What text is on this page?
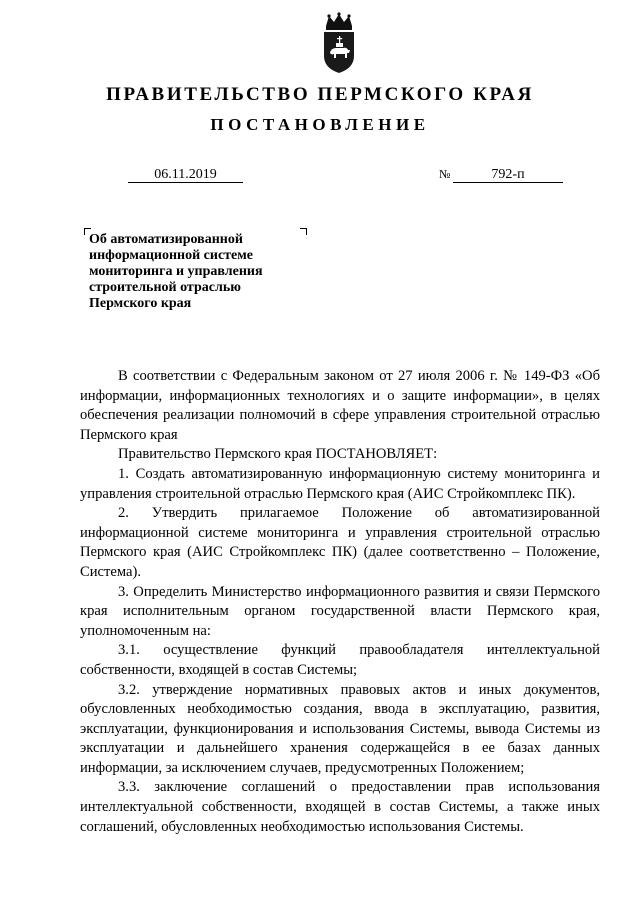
ПРАВИТЕЛЬСТВО ПЕРМСКОГО КРАЯ
ПОСТАНОВЛЕНИЕ
06.11.2019	№	792-п
Об автоматизированной
информационной системе
мониторинга и управления
строительной отраслью
Пермского края

В соответствии с Федеральным законом от 27 июля 2006 г. № 149-ФЗ «Об информации, информационных технологиях и о защите информации», в целях обеспечения реализации полномочий в сфере управления строительной отраслью Пермского края

Правительство Пермского края ПОСТАНОВЛЯЕТ:

1. Создать автоматизированную информационную систему мониторинга и управления строительной отраслью Пермского края (АИС Стройкомплекс ПК).

2. Утвердить прилагаемое Положение об автоматизированной информационной системе мониторинга и управления строительной отраслью Пермского края (АИС Стройкомплекс ПК) (далее соответственно – Положение, Система).

3. Определить Министерство информационного развития и связи Пермского края исполнительным органом государственной власти Пермского края, уполномоченным на:

3.1. осуществление функций правообладателя интеллектуальной собственности, входящей в состав Системы;

3.2. утверждение нормативных правовых актов и иных документов, обусловленных необходимостью создания, ввода в эксплуатацию, развития, эксплуатации, функционирования и использования Системы, вывода Системы из эксплуатации и дальнейшего хранения содержащейся в ее базах данных информации, за исключением случаев, предусмотренных Положением;

3.3. заключение соглашений о предоставлении прав использования интеллектуальной собственности, входящей в состав Системы, а также иных соглашений, обусловленных необходимостью использования Системы.
